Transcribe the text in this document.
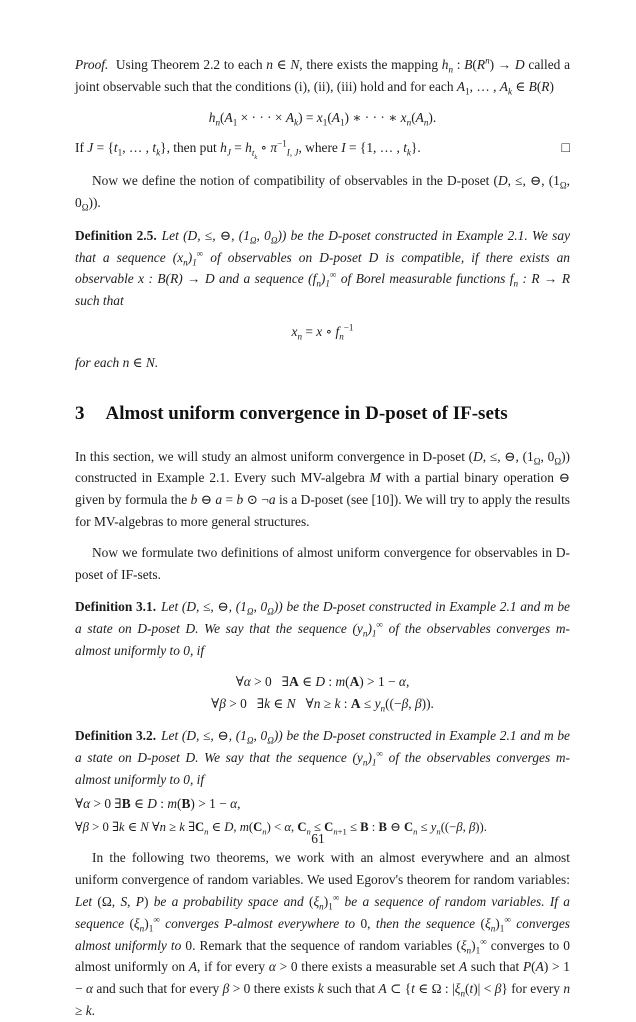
Proof.  Using Theorem 2.2 to each n ∈ N, there exists the mapping $h_n$ : $B(R^n) \to D$ called a joint observable such that the conditions (i), (ii), (iii) hold and for each $A_1$, … , $A_k$ ∈ B(R)

$h_n(A_1$ × · · · × $A_k) = x_1(A_1)$ ∗ · · · ∗ $x_n(A_n)$.
If $J = \{t_1$, … , $t_k$}, then put $h_J = h_{t_k}$ ∘ $\pi^{-1}_{I, J}$, where I = {1, … , $t_k$}.	□

Now we define the notion of compatibility of observables in the D-poset (D, ≤, ⊖, ($1_\Omega$, $0_\Omega$)).

Definition 2.5. Let (D, ≤, ⊖, ($1_\Omega$, $0_\Omega$)) be the D-poset constructed in Example 2.1. We say that a sequence $(x_n)_1^\infty$ of observables on D-poset D is compatible, if there exists an observable x : B(R) → D and a sequence $(f_n)_1^\infty$ of Borel measurable functions $f_n$ : R → R such that

$x_n = x$ ∘ $f_n^{-1}$

for each n ∈ N.

3 Almost uniform convergence in D-poset of IF-sets

In this section, we will study an almost uniform convergence in D-poset (D, ≤, ⊖, ($1_\Omega$, $0_\Omega$)) constructed in Example 2.1. Every such MV-algebra M with a partial binary operation ⊖ given by formula the b ⊖ a = b ⊙ ¬a is a D-poset (see [10]). We will try to apply the results for MV-algebras to more general structures.

Now we formulate two definitions of almost uniform convergence for observables in D-poset of IF-sets.

Definition 3.1. Let (D, ≤, ⊖, ($1_\Omega$, $0_\Omega$)) be the D-poset constructed in Example 2.1 and m be a state on D-poset D. We say that the sequence $(y_n)_1^\infty$ of the observables converges m-almost uniformly to 0, if

∀α > 0  ∃A ∈ D : m(A) > 1 − α,
∀β > 0  ∃k ∈ N  ∀n ≥ k : $A \le y_n((-\beta$, β)).

Definition 3.2. Let (D, ≤, ⊖, ($1_\Omega$, $0_\Omega$)) be the D-poset constructed in Example 2.1 and m be a state on D-poset D. We say that the sequence $(y_n)_1^\infty$ of the observables converges m-almost uniformly to 0, if

∀α > 0 ∃B ∈ D : m(B) > 1 − α,
∀β > 0 ∃k ∈ N ∀n ≥ k $\exists C_n$ ∈ D, $m(C_n) < \alpha$, $C_n \le C_{n+1} \le B$ : B ⊖ $C_n \le y_n((-\beta$, β)).

In the following two theorems, we work with an almost everywhere and an almost uniform convergence of random variables. We used Egorov's theorem for random variables: Let (Ω, S, P) be a probability space and $(\xi_n)_1^\infty$ be a sequence of random variables. If a sequence $(\xi_n)_1^\infty$ converges P-almost everywhere to 0, then the sequence $(\xi_n)_1^\infty$ converges almost uniformly to 0. Remark that the sequence of random variables $(\xi_n)_1^\infty$ converges to 0 almost uniformly on A, if for every α > 0 there exists a measurable set A such that P(A) > 1 − α and such that for every β > 0 there exists k such that A ⊂ {t ∈ Ω : $|\xi_n(t)| < \beta$} for every n ≥ k.

61
